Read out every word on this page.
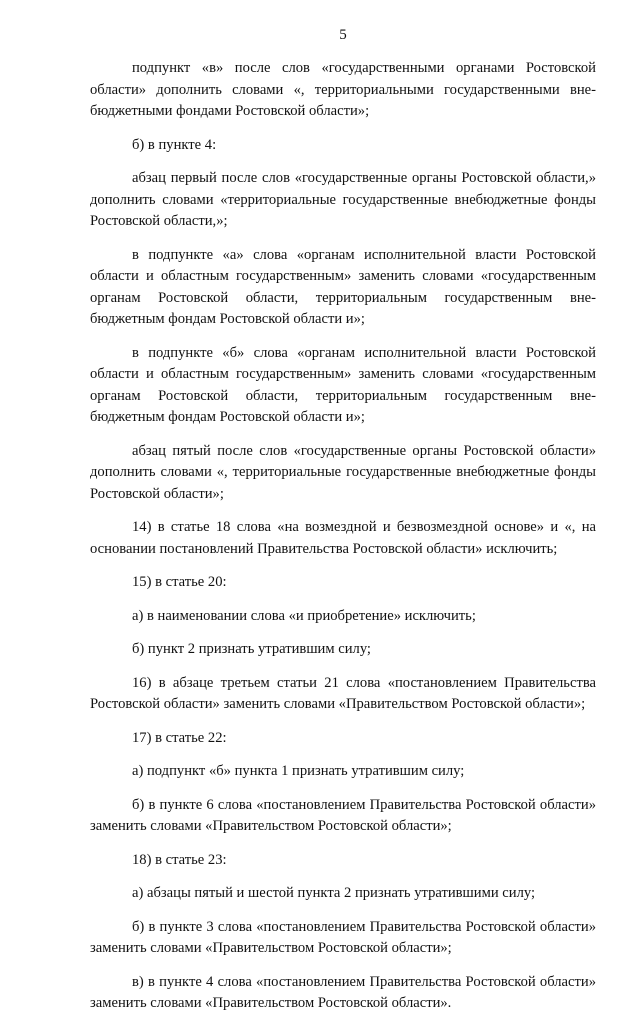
5

подпункт «в» после слов «государственными органами Ростовской области» дополнить словами «, территориальными государственными внебюджетными фондами Ростовской области»;

б) в пункте 4:

абзац первый после слов «государственные органы Ростовской области,» дополнить словами «территориальные государственные внебюджетные фонды Ростовской области,»;

в подпункте «а» слова «органам исполнительной власти Ростовской области и областным государственным» заменить словами «государственным органам Ростовской области, территориальным государственным внебюджетным фондам Ростовской области и»;

в подпункте «б» слова «органам исполнительной власти Ростовской области и областным государственным» заменить словами «государственным органам Ростовской области, территориальным государственным внебюджетным фондам Ростовской области и»;

абзац пятый после слов «государственные органы Ростовской области» дополнить словами «, территориальные государственные внебюджетные фонды Ростовской области»;

14) в статье 18 слова «на возмездной и безвозмездной основе» и «, на основании постановлений Правительства Ростовской области» исключить;

15) в статье 20:

а) в наименовании слова «и приобретение» исключить;

б) пункт 2 признать утратившим силу;

16) в абзаце третьем статьи 21 слова «постановлением Правительства Ростовской области» заменить словами «Правительством Ростовской области»;

17) в статье 22:

а) подпункт «б» пункта 1 признать утратившим силу;

б) в пункте 6 слова «постановлением Правительства Ростовской области» заменить словами «Правительством Ростовской области»;

18) в статье 23:

а) абзацы пятый и шестой пункта 2 признать утратившими силу;

б) в пункте 3 слова «постановлением Правительства Ростовской области» заменить словами «Правительством Ростовской области»;

в) в пункте 4 слова «постановлением Правительства Ростовской области» заменить словами «Правительством Ростовской области».
